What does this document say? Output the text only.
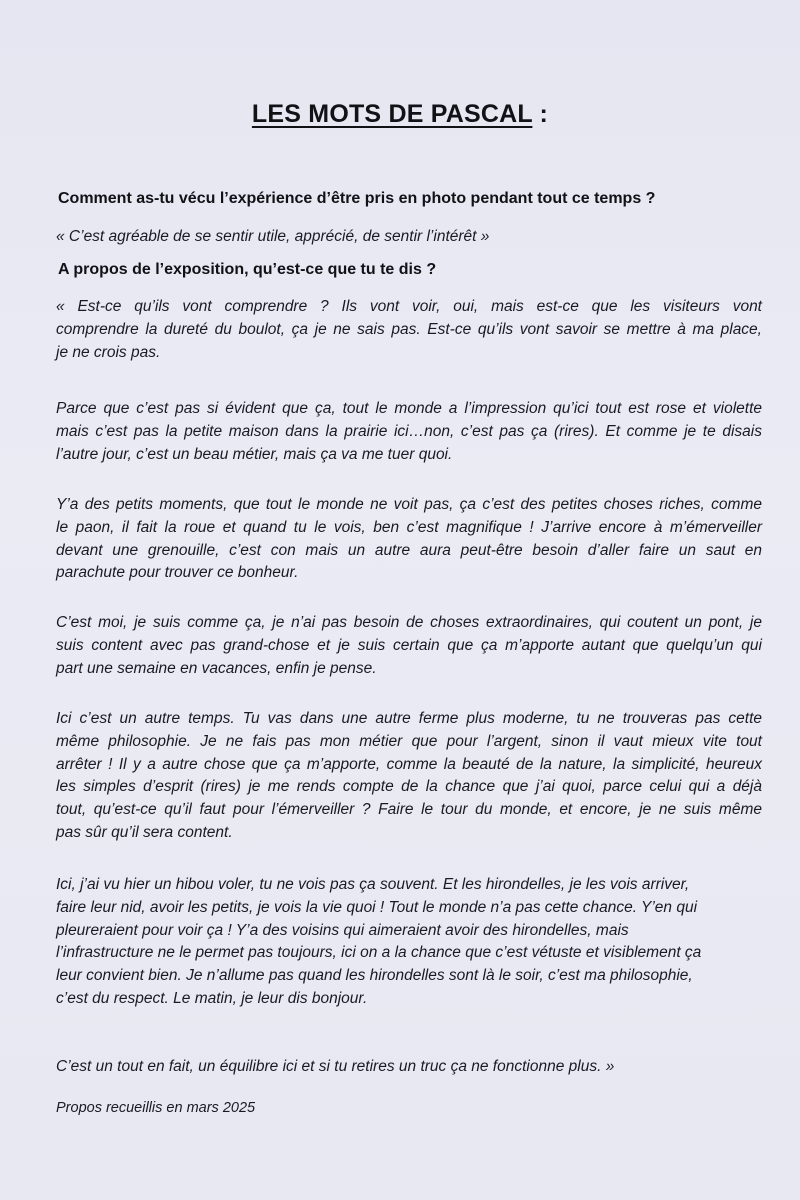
LES MOTS DE PASCAL :
Comment as-tu vécu l’expérience d’être pris en photo pendant tout ce temps ?
« C’est agréable de se sentir utile, apprécié, de sentir l’intérêt »
A propos de l’exposition, qu’est-ce que tu te dis ?
« Est-ce qu’ils vont comprendre ? Ils vont voir, oui, mais est-ce que les visiteurs vont
comprendre la dureté du boulot, ça je ne sais pas. Est-ce qu’ils vont savoir se mettre à ma place,
je ne crois pas.
Parce que c’est pas si évident que ça, tout le monde a l’impression qu’ici tout est rose et violette
mais c’est pas la petite maison dans la prairie ici…non, c’est pas ça (rires). Et comme je te disais
l’autre jour, c’est un beau métier, mais ça va me tuer quoi.
Y’a des petits moments, que tout le monde ne voit pas, ça c’est des petites choses riches, comme
le paon, il fait la roue et quand tu le vois, ben c’est magnifique ! J’arrive encore à m’émerveiller
devant une grenouille, c’est con mais un autre aura peut-être besoin d’aller faire un saut en
parachute pour trouver ce bonheur.
C’est moi, je suis comme ça, je n’ai pas besoin de choses extraordinaires, qui coutent un pont, je
suis content avec pas grand-chose et je suis certain que ça m’apporte autant que quelqu’un qui
part une semaine en vacances, enfin je pense.
Ici c’est un autre temps. Tu vas dans une autre ferme plus moderne, tu ne trouveras pas cette
même philosophie. Je ne fais pas mon métier que pour l’argent, sinon il vaut mieux vite tout
arrêter ! Il y a autre chose que ça m’apporte, comme la beauté de la nature, la simplicité, heureux
les simples d’esprit (rires) je me rends compte de la chance que j’ai quoi, parce celui qui a déjà
tout, qu’est-ce qu’il faut pour l’émerveiller ? Faire le tour du monde, et encore, je ne suis même
pas sûr qu’il sera content.
Ici, j’ai vu hier un hibou voler, tu ne vois pas ça souvent. Et les hirondelles, je les vois arriver,
faire leur nid, avoir les petits, je vois la vie quoi ! Tout le monde n’a pas cette chance. Y’en qui
pleureraient pour voir ça ! Y’a des voisins qui aimeraient avoir des hirondelles, mais
l’infrastructure ne le permet pas toujours, ici on a la chance que c’est vétuste et visiblement ça
leur convient bien. Je n’allume pas quand les hirondelles sont là le soir, c’est ma philosophie,
c’est du respect. Le matin, je leur dis bonjour.
C’est un tout en fait, un équilibre ici et si tu retires un truc ça ne fonctionne plus. »
Propos recueillis en mars 2025
